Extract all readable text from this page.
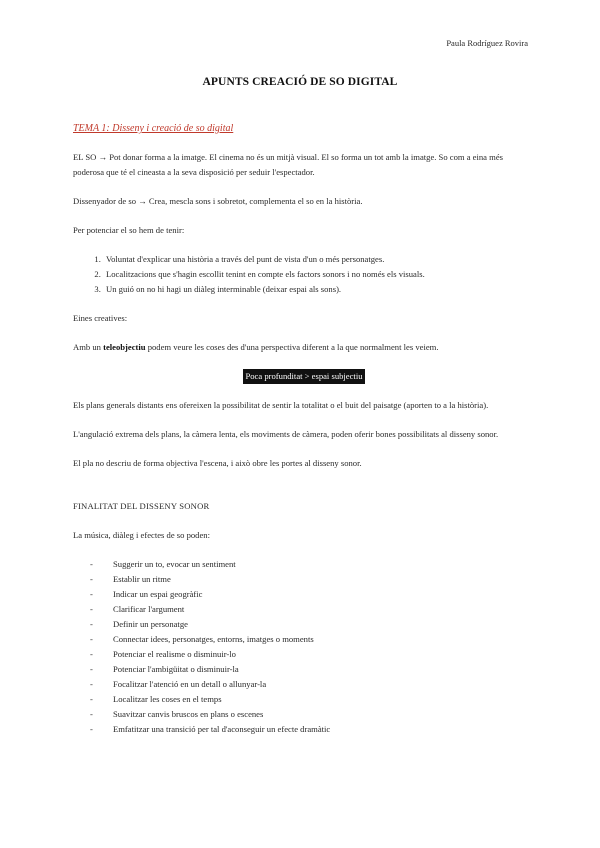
Paula Rodríguez Rovira
APUNTS CREACIÓ DE SO DIGITAL
TEMA 1: Disseny i creació de so digital

EL SO → Pot donar forma a la imatge. El cinema no és un mitjà visual. El so forma un tot amb la imatge. So com a eina més poderosa que té el cineasta a la seva disposició per seduir l'espectador.

Dissenyador de so → Crea, mescla sons i sobretot, complementa el so en la història.

Per potenciar el so hem de tenir:

1. Voluntat d'explicar una història a través del punt de vista d'un o més personatges.
2. Localitzacions que s'hagin escollit tenint en compte els factors sonors i no només els visuals.
3. Un guió on no hi hagi un diàleg interminable (deixar espai als sons).

Eines creatives:

Amb un teleobjectiu podem veure les coses des d'una perspectiva diferent a la que normalment les veiem.

Poca profunditat > espai subjectiu

Els plans generals distants ens ofereixen la possibilitat de sentir la totalitat o el buit del paisatge (aporten to a la història).

L'angulació extrema dels plans, la càmera lenta, els moviments de càmera, poden oferir bones possibilitats al disseny sonor.

El pla no descriu de forma objectiva l'escena, i això obre les portes al disseny sonor.

FINALITAT DEL DISSENY SONOR

La música, diàleg i efectes de so poden:

- Suggerir un to, evocar un sentiment
- Establir un ritme
- Indicar un espai geogràfic
- Clarificar l'argument
- Definir un personatge
- Connectar idees, personatges, entorns, imatges o moments
- Potenciar el realisme o disminuir-lo
- Potenciar l'ambigüitat o disminuir-la
- Focalitzar l'atenció en un detall o allunyar-la
- Localitzar les coses en el temps
- Suavitzar canvis bruscos en plans o escenes
- Emfatitzar una transició per tal d'aconseguir un efecte dramàtic
